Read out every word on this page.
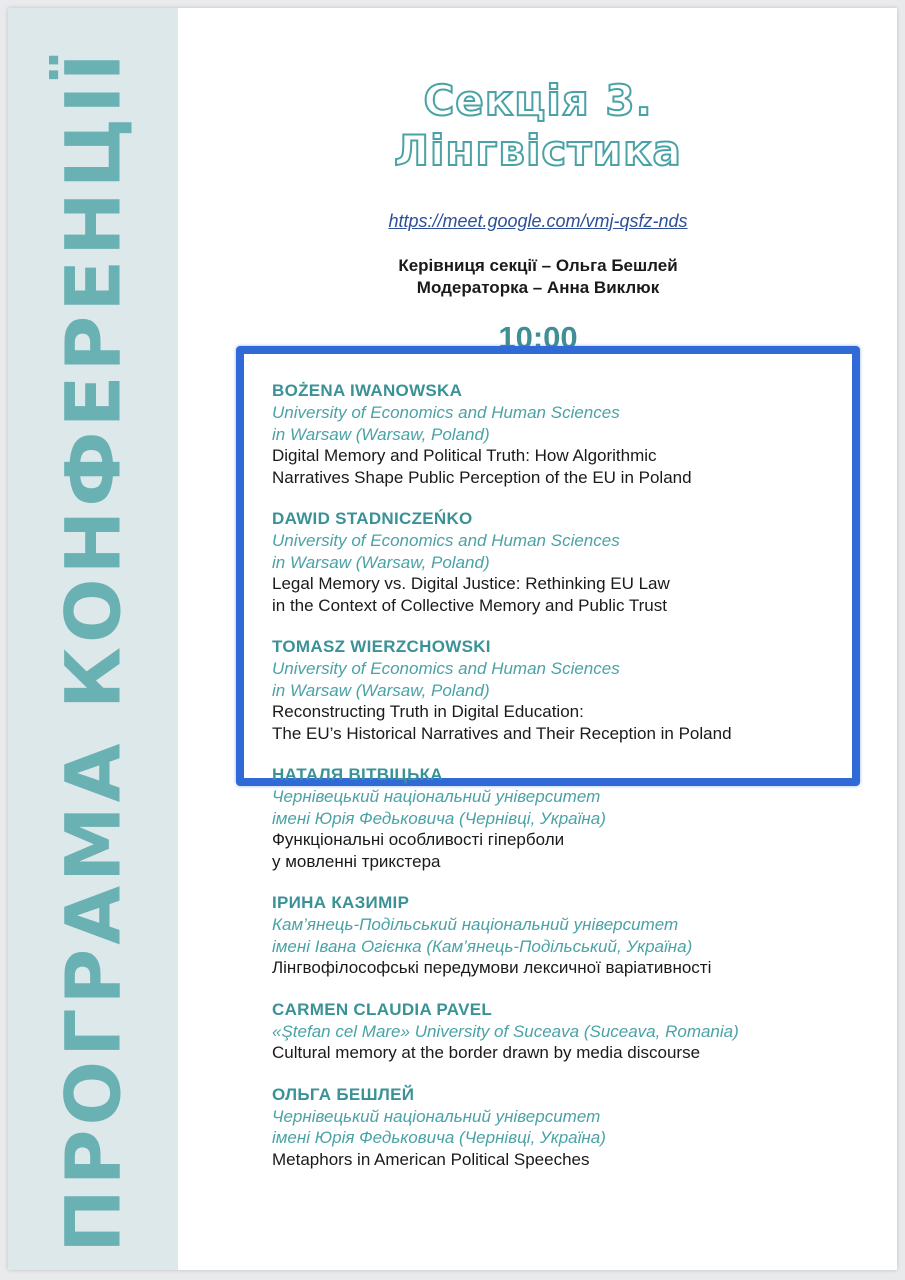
ПРОГРАМА КОНФЕРЕНЦІЇ	Секція 3.
Лінгвістика
https://meet.google.com/vmj-qsfz-nds
Керівниця секції – Ольга Бешлей
Модераторка – Анна Виклюк
10:00
BOŻENA IWANOWSKA
University of Economics and Human Sciences
in Warsaw (Warsaw, Poland)
Digital Memory and Political Truth: How Algorithmic
Narratives Shape Public Perception of the EU in Poland
DAWID STADNICZEŃKO
University of Economics and Human Sciences
in Warsaw (Warsaw, Poland)
Legal Memory vs. Digital Justice: Rethinking EU Law
in the Context of Collective Memory and Public Trust
TOMASZ WIERZCHOWSKI
University of Economics and Human Sciences
in Warsaw (Warsaw, Poland)
Reconstructing Truth in Digital Education:
The EU’s Historical Narratives and Their Reception in Poland
НАТАЛЯ ВІТВІЦЬКА
Чернівецький національний університет
імені Юрія Федьковича (Чернівці, Україна)
Функціональні особливості гіперболи
у мовленні трикстера
ІРИНА КАЗИМІР
Кам’янець-Подільський національний університет
імені Івана Огієнка (Кам’янець-Подільський, Україна)
Лінгвофілософські передумови лексичної варіативності
CARMEN CLAUDIA PAVEL
«Ştefan cel Mare» University of Suceava (Suceava, Romania)
Cultural memory at the border drawn by media discourse
ОЛЬГА БЕШЛЕЙ
Чернівецький національний університет
імені Юрія Федьковича (Чернівці, Україна)
Metaphors in American Political Speeches
